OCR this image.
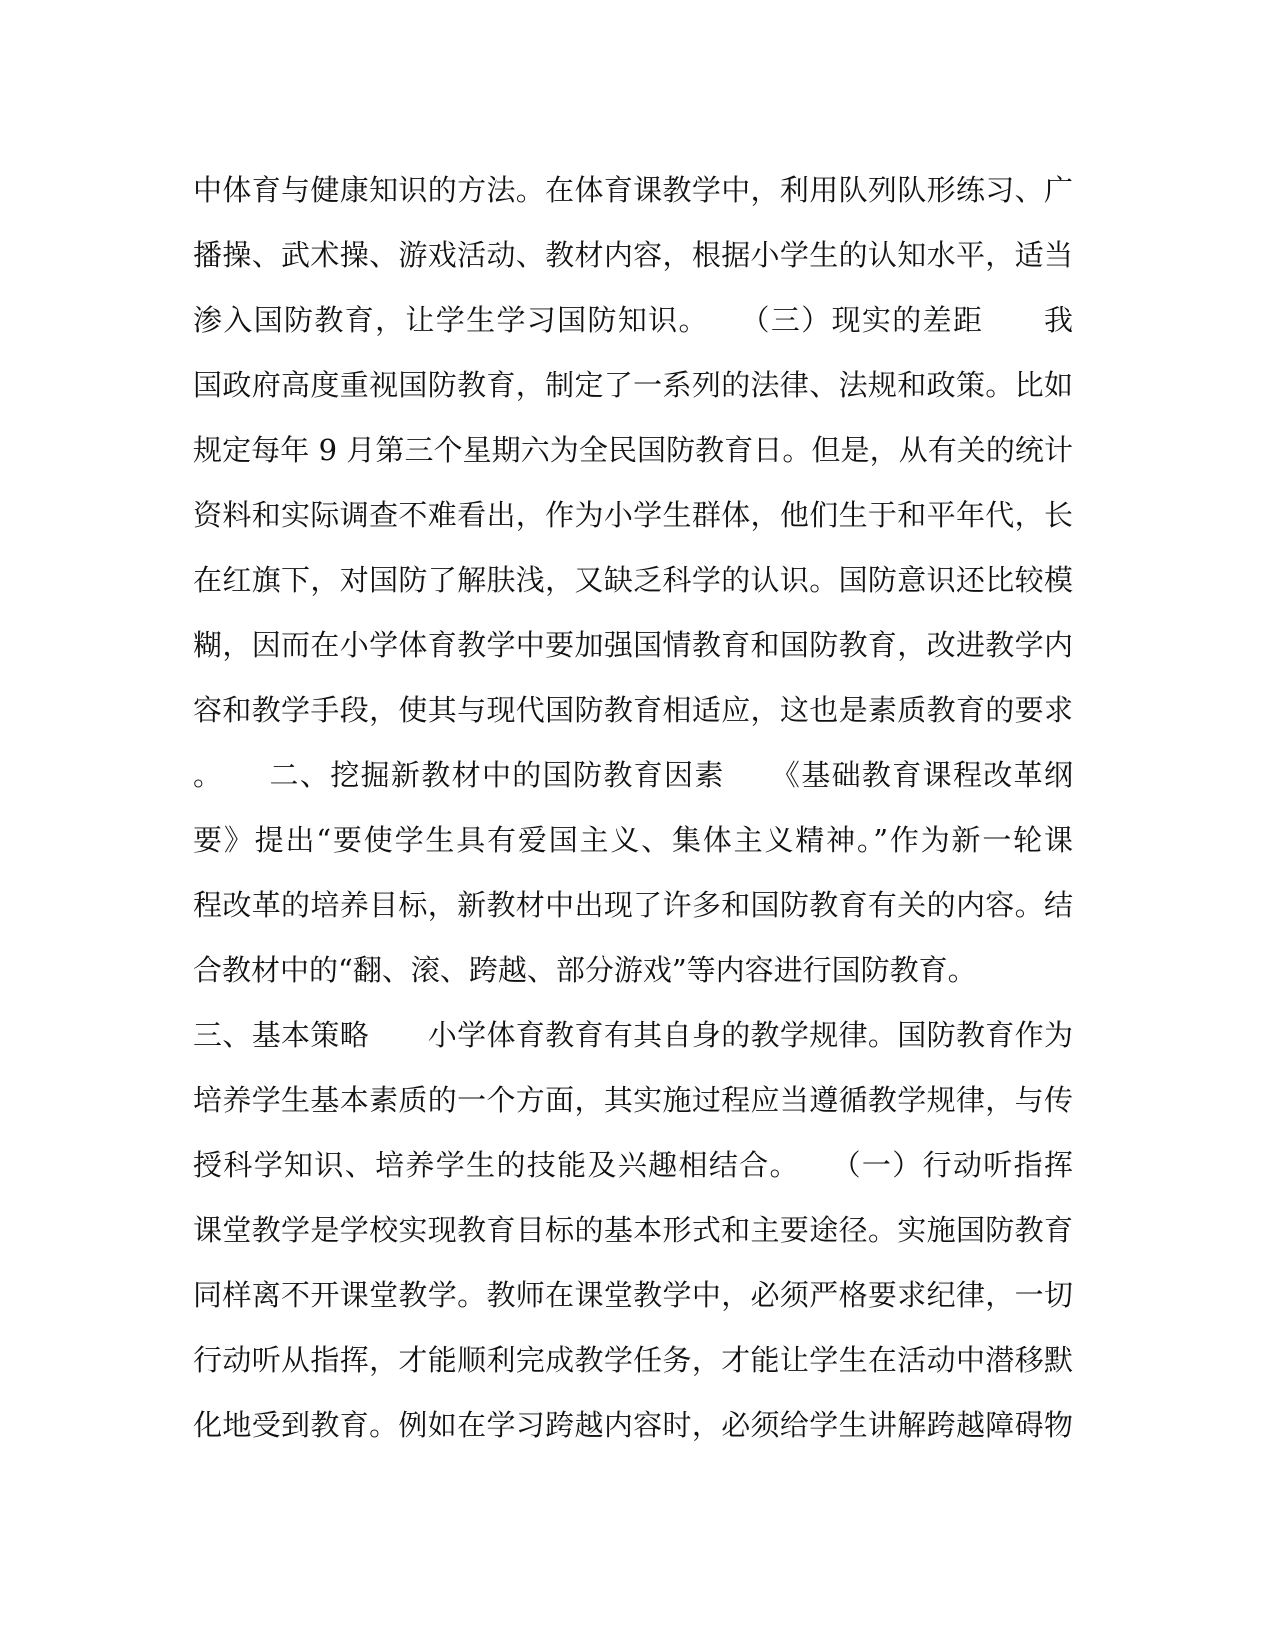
中体育与健康知识的方法。在体育课教学中，利用队列队形练习、广
播操、武术操、游戏活动、教材内容，根据小学生的认知水平，适当
渗入国防教育，让学生学习国防知识。　　（三）现实的差距　　我
国政府高度重视国防教育，制定了一系列的法律、法规和政策。比如
规定每年 9 月第三个星期六为全民国防教育日。但是，从有关的统计
资料和实际调查不难看出，作为小学生群体，他们生于和平年代，长
在红旗下，对国防了解肤浅，又缺乏科学的认识。国防意识还比较模
糊，因而在小学体育教学中要加强国情教育和国防教育，改进教学内
容和教学手段，使其与现代国防教育相适应，这也是素质教育的要求
。　　二、挖掘新教材中的国防教育因素　　《基础教育课程改革纲
要》提出“要使学生具有爱国主义、集体主义精神。”作为新一轮课
程改革的培养目标，新教材中出现了许多和国防教育有关的内容。结
合教材中的“翻、滚、跨越、部分游戏”等内容进行国防教育。
三、基本策略　　小学体育教育有其自身的教学规律。国防教育作为
培养学生基本素质的一个方面，其实施过程应当遵循教学规律，与传
授科学知识、培养学生的技能及兴趣相结合。　　（一）行动听指挥
课堂教学是学校实现教育目标的基本形式和主要途径。实施国防教育
同样离不开课堂教学。教师在课堂教学中，必须严格要求纪律，一切
行动听从指挥，才能顺利完成教学任务，才能让学生在活动中潜移默
化地受到教育。例如在学习跨越内容时，必须给学生讲解跨越障碍物
